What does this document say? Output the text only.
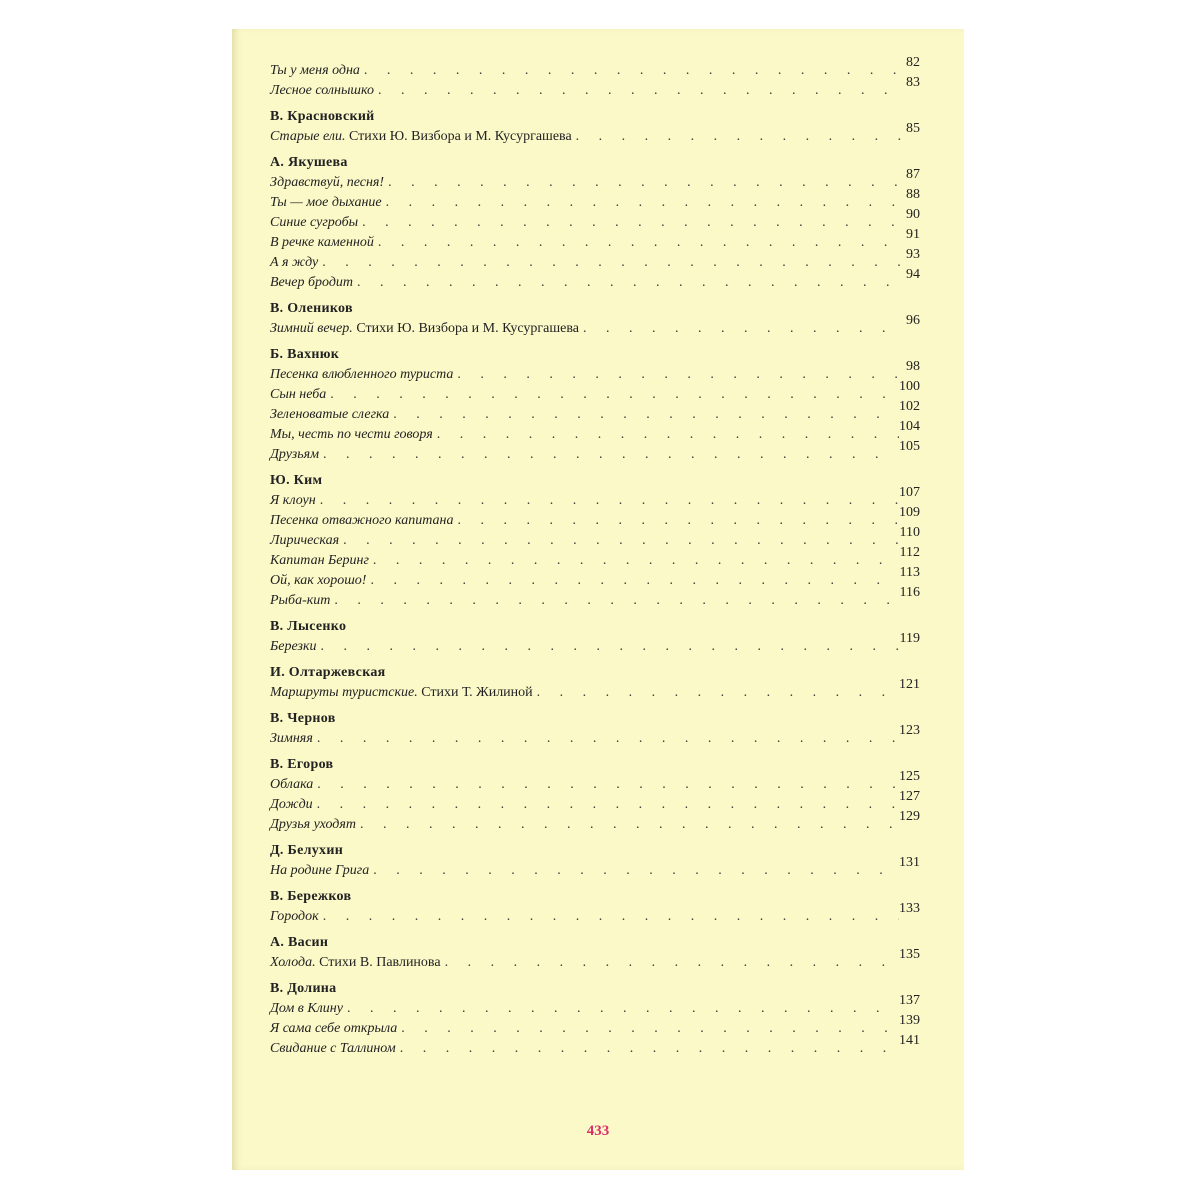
Ты у меня одна
. . .
82
Лесное солнышко
. . .
83
В. Красновский
Старые ели. Стихи Ю. Визбора и М. Кусургашева
. . .
85
А. Якушева
Здравствуй, песня!
. . .
87
Ты — мое дыхание
. . .
88
Синие сугробы
. . .
90
В речке каменной
. . .
91
А я жду
. . .
93
Вечер бродит
. . .
94
В. Олеников
Зимний вечер. Стихи Ю. Визбора и М. Кусургашева
. . .
96
Б. Вахнюк
Песенка влюбленного туриста
. . .
98
Сын неба
. . .
100
Зеленоватые слегка
. . .
102
Мы, честь по чести говоря
. . .
104
Друзьям
. . .
105
Ю. Ким
Я клоун
. . .
107
Песенка отважного капитана
. . .
109
Лирическая
. . .
110
Капитан Беринг
. . .
112
Ой, как хорошо!
. . .
113
Рыба-кит
. . .
116
В. Лысенко
Березки
. . .
119
И. Олтаржевская
Маршруты туристские. Стихи Т. Жилиной
. . .
121
В. Чернов
Зимняя
. . .
123
В. Егоров
Облака
. . .
125
Дожди
. . .
127
Друзья уходят
. . .
129
Д. Белухин
На родине Грига
. . .
131
В. Бережков
Городок
. . .
133
А. Васин
Холода. Стихи В. Павлинова
. . .
135
В. Долина
Дом в Клину
. . .
137
Я сама себе открыла
. . .
139
Свидание с Таллином
. . .
141
433
